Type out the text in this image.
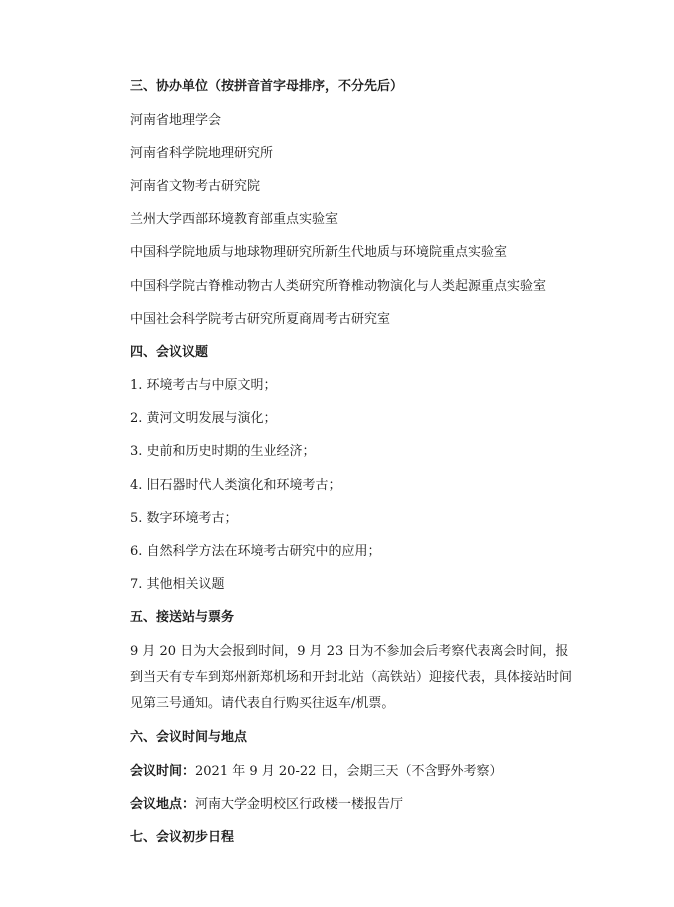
三、协办单位（按拼音首字母排序，不分先后）
河南省地理学会
河南省科学院地理研究所
河南省文物考古研究院
兰州大学西部环境教育部重点实验室
中国科学院地质与地球物理研究所新生代地质与环境院重点实验室
中国科学院古脊椎动物古人类研究所脊椎动物演化与人类起源重点实验室
中国社会科学院考古研究所夏商周考古研究室
四、会议议题
1. 环境考古与中原文明；
2. 黄河文明发展与演化；
3. 史前和历史时期的生业经济；
4. 旧石器时代人类演化和环境考古；
5. 数字环境考古；
6. 自然科学方法在环境考古研究中的应用；
7. 其他相关议题
五、接送站与票务
9 月 20 日为大会报到时间，9 月 23 日为不参加会后考察代表离会时间，报
到当天有专车到郑州新郑机场和开封北站（高铁站）迎接代表，具体接站时间
见第三号通知。请代表自行购买往返车/机票。
六、会议时间与地点
会议时间：2021 年 9 月 20-22 日，会期三天（不含野外考察）
会议地点：河南大学金明校区行政楼一楼报告厅
七、会议初步日程
